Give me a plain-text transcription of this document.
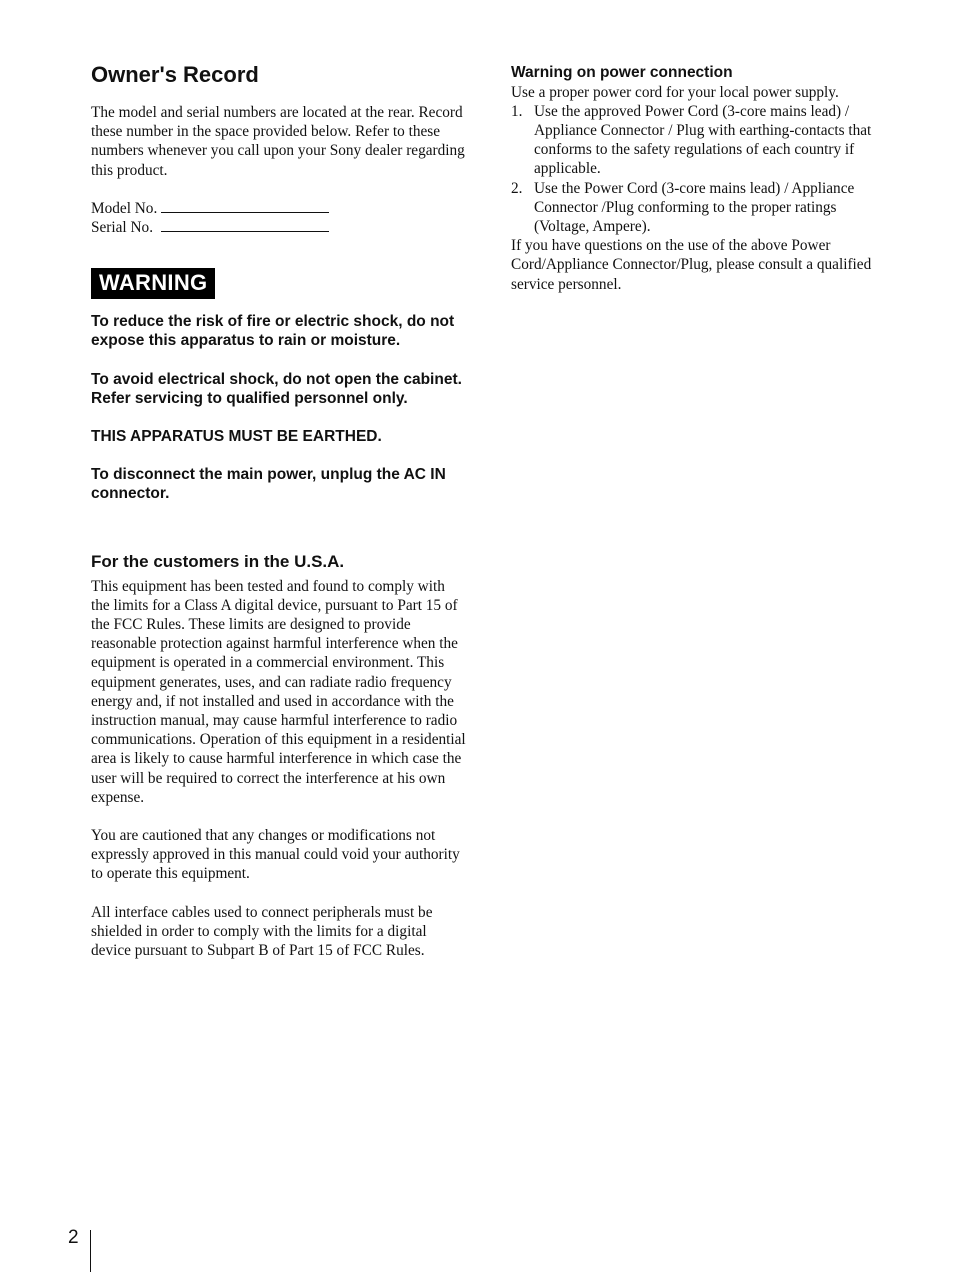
Owner's Record

The model and serial numbers are located at the rear. Record these number in the space provided below. Refer to these numbers whenever you call upon your Sony dealer regarding this product.

Model No.
Serial No.
WARNING

To reduce the risk of fire or electric shock, do not expose this apparatus to rain or moisture.

To avoid electrical shock, do not open the cabinet. Refer servicing to qualified personnel only.

THIS APPARATUS MUST BE EARTHED.

To disconnect the main power, unplug the AC IN connector.

For the customers in the U.S.A.

This equipment has been tested and found to comply with the limits for a Class A digital device, pursuant to Part 15 of the FCC Rules. These limits are designed to provide reasonable protection against harmful interference when the equipment is operated in a commercial environment. This equipment generates, uses, and can radiate radio frequency energy and, if not installed and used in accordance with the instruction manual, may cause harmful interference to radio communications. Operation of this equipment in a residential area is likely to cause harmful interference in which case the user will be required to correct the interference at his own expense.

You are cautioned that any changes or modifications not expressly approved in this manual could void your authority to operate this equipment.

All interface cables used to connect peripherals must be shielded in order to comply with the limits for a digital device pursuant to Subpart B of Part 15 of FCC Rules.

Warning on power connection

Use a proper power cord for your local power supply.

1. Use the approved Power Cord (3-core mains lead) / Appliance Connector / Plug with earthing-contacts that conforms to the safety regulations of each country if applicable.
2. Use the Power Cord (3-core mains lead) / Appliance Connector /Plug conforming to the proper ratings (Voltage, Ampere).

If you have questions on the use of the above Power Cord/Appliance Connector/Plug, please consult a qualified service personnel.

2
